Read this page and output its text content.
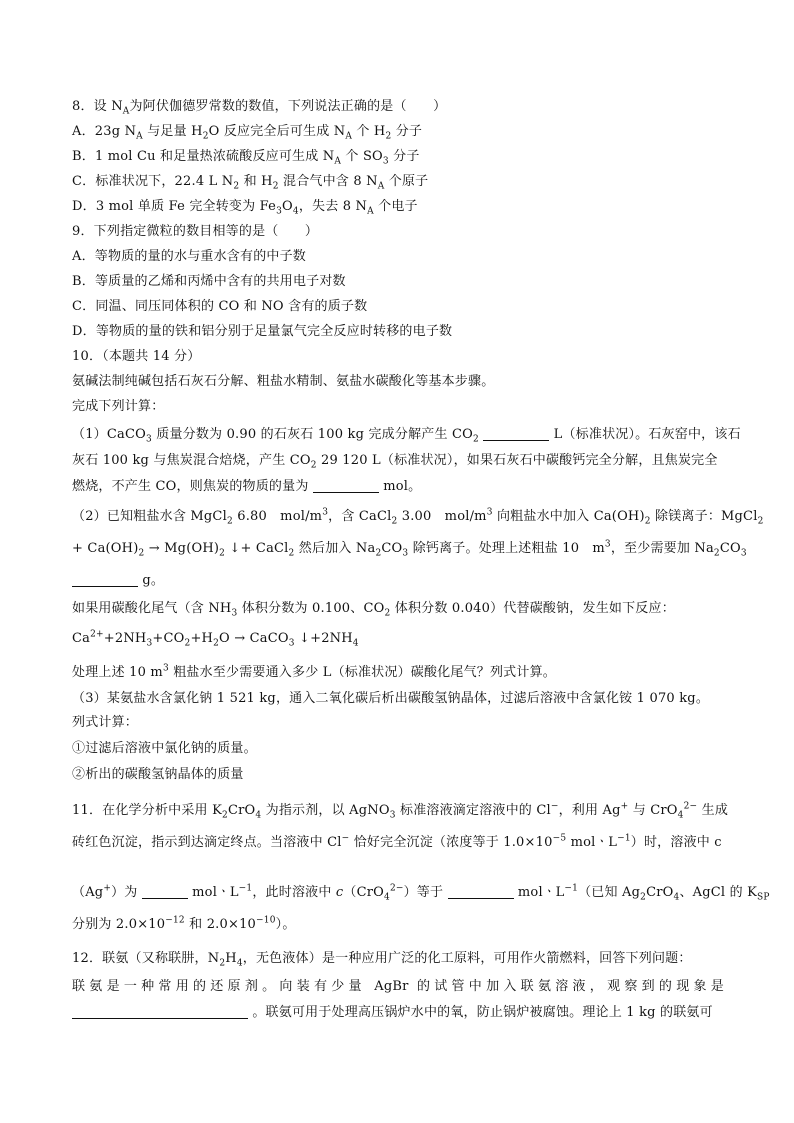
8．设 $N_A$为阿伏伽德罗常数的数值，下列说法正确的是（　　）
A．23g $N_A$ 与足量 $H_2O$ 反应完全后可生成 $N_A$ 个 $H_2$ 分子
B．1 mol Cu 和足量热浓硫酸反应可生成 $N_A$ 个 $SO_3$ 分子
C．标准状况下，22.4 L $N_2$ 和 $H_2$ 混合气中含 8 $N_A$ 个原子
D．3 mol 单质 Fe 完全转变为 $Fe_3O_4$，失去 8 $N_A$ 个电子
9．下列指定微粒的数目相等的是（　　）
A．等物质的量的水与重水含有的中子数
B．等质量的乙烯和丙烯中含有的共用电子对数
C．同温、同压同体积的 CO 和 NO 含有的质子数
D．等物质的量的铁和铝分别于足量氯气完全反应时转移的电子数
10．（本题共 14 分）
氨碱法制纯碱包括石灰石分解、粗盐水精制、氨盐水碳酸化等基本步骤。
完成下列计算：
（1）CaCO$_3$ 质量分数为 0.90 的石灰石 100 kg 完成分解产生 $CO_2$	L（标准状况）。石灰窑中，该石
灰石 100 kg 与焦炭混合焙烧，产生 $CO_2$ 29 120 L（标准状况），如果石灰石中碳酸钙完全分解，且焦炭完全
燃烧，不产生 CO，则焦炭的物质的量为	mol。
（2）已知粗盐水含 MgCl$_2$ 6.80　mol/$m^3$，含 CaCl$_2$ 3.00　mol/$m^3$ 向粗盐水中加入 $Ca(OH)_2$ 除镁离子：MgCl$_2$
+ $Ca(OH)_2 \to Mg(OH)_2$ ↓+ CaCl$_2$ 然后加入 $Na_2CO_3$ 除钙离子。处理上述粗盐 10　$m^3$，至少需要加 $Na_2CO_3$
g。
如果用碳酸化尾气（含 $NH_3$ 体积分数为 0.100、$CO_2$ 体积分数 0.040）代替碳酸钠，发生如下反应：
$Ca^{2+}+2NH_3+CO_2+H_2O$ → CaCO$_3$ $↓+2NH_4$
处理上述 10 $m^3$ 粗盐水至少需要通入多少 L（标准状况）碳酸化尾气？列式计算。
（3）某氨盐水含氯化钠 1 521 kg，通入二氧化碳后析出碳酸氢钠晶体，过滤后溶液中含氯化铵 1 070 kg。
列式计算：
①过滤后溶液中氯化钠的质量。
②析出的碳酸氢钠晶体的质量
11．在化学分析中采用 $K_2CrO_4$ 为指示剂，以 AgNO$_3$ 标准溶液滴定溶液中的 Cl−，利用 Ag+ 与 CrO$_4^{2-}$ 生成
砖红色沉淀，指示到达滴定终点。当溶液中 Cl− 恰好完全沉淀（浓度等于 $1.0\times 10^{-5}$ molㆍ$L^{-1}$）时，溶液中 c
（Ag+）为	molㆍ$L^{-1}$，此时溶液中 c（CrO$_4^{2-}$）等于	molㆍ$L^{-1}$（已知 $Ag_2CrO_4$、AgCl 的 $K_{SP}$
分别为 $2.0\times 10^{-12}$ 和 $2.0\times 10^{-10}$）。
12．联氨（又称联肼，$N_2H_4$，无色液体）是一种应用广泛的化工原料，可用作火箭燃料，回答下列问题：
联氨是一种常用的还原剂。向装有少量 AgBr 的试管中加入联氨溶液，观察到的现象是
。联氨可用于处理高压锅炉水中的氧，防止锅炉被腐蚀。理论上 1 kg 的联氨可
